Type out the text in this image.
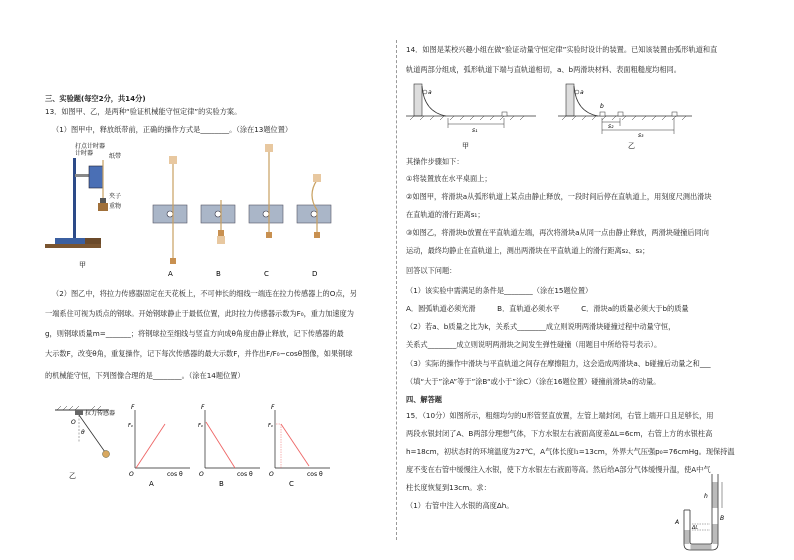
三、实验题(每空2分，共14分)
13．如图甲、乙，是两种“验证机械能守恒定律”的实验方案。
（1）图甲中，释放纸带前，正确的操作方式是________。（涂在13题位置）
打点计时器
计时器	纸带
夹子
重物
甲
A	B	C	D
（2）图乙中，将拉力传感器固定在天花板上，不可伸长的细线一端连在拉力传感器上的O点，另
一端系住可视为质点的钢球。开始钢球静止于最低位置，此时拉力传感器示数为F₀，重力加速度为
g，则钢球质量m=_______；将钢球拉至细线与竖直方向成θ角度由静止释放，记下传感器的最
大示数F，改变θ角，重复操作，记下每次传感器的最大示数F，并作出F/F₀−cosθ图像，如果钢球
的机械能守恒，下列图像合理的是________。（涂在14题位置）
拉力传感器
O
θ
乙
F
F₀
cos θ
O
A
F
F₀
cos θ
O
B
F
F₀
cos θ
O
C
14．如图是某校兴趣小组在做“验证动量守恒定律”实验时设计的装置。已知该装置由弧形轨道和直
轨道两部分组成，弧形轨道下端与直轨道相切，a、b两滑块材料、表面粗糙度均相同。
a
s₁
甲
a
b
s₂
s₃
乙
其操作步骤如下：
①将装置放在水平桌面上；
②如图甲，将滑块a从弧形轨道上某点由静止释放，一段时间后停在直轨道上，用刻度尺测出滑块
在直轨道的滑行距离s₁；
③如图乙，将滑块b放置在平直轨道左端，再次将滑块a从同一点由静止释放，两滑块碰撞后同向
运动，最终均静止在直轨道上，测出两滑块在平直轨道上的滑行距离s₂、s₃；
回答以下问题：
（1）该实验中需满足的条件是________（涂在15题位置）
A．圆弧轨道必须光滑　　　B．直轨道必须水平　　　C．滑块a的质量必须大于b的质量
（2）若a、b质量之比为k，关系式________成立则说明两滑块碰撞过程中动量守恒，
关系式________成立则说明两滑块之间发生弹性碰撞（用题目中所给符号表示）。
（3）实际的操作中滑块与平直轨道之间存在摩擦阻力，这会造成两滑块a、b碰撞后动量之和___
（填“大于”涂A”等于”涂B“或小于”涂C）（涂在16题位置）碰撞前滑块a的动量。
四、解答题
15．（10分）如图所示，粗细均匀的U形管竖直放置，左管上端封闭，右管上端开口且足够长，用
两段水银封闭了A、B两部分理想气体，下方水银左右液面高度差ΔL=6cm，右管上方的水银柱高
h=18cm，初状态时的环境温度为27℃，A气体长度l₁=13cm，外界大气压强p₀=76cmHg。现保持温
度不变在右管中缓慢注入水银，使下方水银左右液面等高。然后给A部分气体缓慢升温，使A中气
柱长度恢复到13cm。求：
（1）右管中注入水银的高度Δh。
h
A
B
ΔL
